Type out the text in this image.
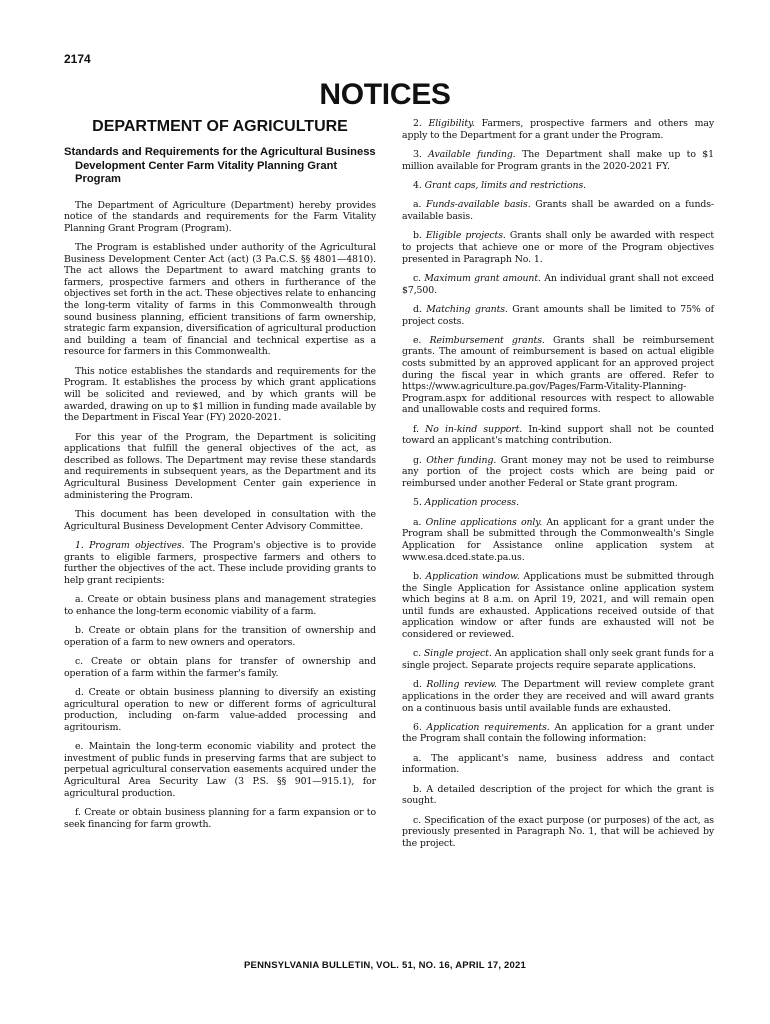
2174
NOTICES
DEPARTMENT OF AGRICULTURE
Standards and Requirements for the Agricultural Business Development Center Farm Vitality Planning Grant Program

The Department of Agriculture (Department) hereby provides notice of the standards and requirements for the Farm Vitality Planning Grant Program (Program).

The Program is established under authority of the Agricultural Business Development Center Act (act) (3 Pa.C.S. §§ 4801—4810). The act allows the Department to award matching grants to farmers, prospective farmers and others in furtherance of the objectives set forth in the act. These objectives relate to enhancing the long-term vitality of farms in this Commonwealth through sound business planning, efficient transitions of farm ownership, strategic farm expansion, diversification of agricultural production and building a team of financial and technical expertise as a resource for farmers in this Commonwealth.

This notice establishes the standards and requirements for the Program. It establishes the process by which grant applications will be solicited and reviewed, and by which grants will be awarded, drawing on up to $1 million in funding made available by the Department in Fiscal Year (FY) 2020-2021.

For this year of the Program, the Department is soliciting applications that fulfill the general objectives of the act, as described as follows. The Department may revise these standards and requirements in subsequent years, as the Department and its Agricultural Business Development Center gain experience in administering the Program.

This document has been developed in consultation with the Agricultural Business Development Center Advisory Committee.

1. Program objectives. The Program's objective is to provide grants to eligible farmers, prospective farmers and others to further the objectives of the act. These include providing grants to help grant recipients:

a. Create or obtain business plans and management strategies to enhance the long-term economic viability of a farm.

b. Create or obtain plans for the transition of ownership and operation of a farm to new owners and operators.

c. Create or obtain plans for transfer of ownership and operation of a farm within the farmer's family.

d. Create or obtain business planning to diversify an existing agricultural operation to new or different forms of agricultural production, including on-farm value-added processing and agritourism.

e. Maintain the long-term economic viability and protect the investment of public funds in preserving farms that are subject to perpetual agricultural conservation easements acquired under the Agricultural Area Security Law (3 P.S. §§ 901—915.1), for agricultural production.

f. Create or obtain business planning for a farm expansion or to seek financing for farm growth.

2. Eligibility. Farmers, prospective farmers and others may apply to the Department for a grant under the Program.

3. Available funding. The Department shall make up to $1 million available for Program grants in the 2020-2021 FY.

4. Grant caps, limits and restrictions.

a. Funds-available basis. Grants shall be awarded on a funds-available basis.

b. Eligible projects. Grants shall only be awarded with respect to projects that achieve one or more of the Program objectives presented in Paragraph No. 1.

c. Maximum grant amount. An individual grant shall not exceed $7,500.

d. Matching grants. Grant amounts shall be limited to 75% of project costs.

e. Reimbursement grants. Grants shall be reimbursement grants. The amount of reimbursement is based on actual eligible costs submitted by an approved applicant for an approved project during the fiscal year in which grants are offered. Refer to https://www.agriculture.pa.gov/Pages/Farm-Vitality-Planning-Program.aspx for additional resources with respect to allowable and unallowable costs and required forms.

f. No in-kind support. In-kind support shall not be counted toward an applicant's matching contribution.

g. Other funding. Grant money may not be used to reimburse any portion of the project costs which are being paid or reimbursed under another Federal or State grant program.

5. Application process.

a. Online applications only. An applicant for a grant under the Program shall be submitted through the Commonwealth's Single Application for Assistance online application system at www.esa.dced.state.pa.us.

b. Application window. Applications must be submitted through the Single Application for Assistance online application system which begins at 8 a.m. on April 19, 2021, and will remain open until funds are exhausted. Applications received outside of that application window or after funds are exhausted will not be considered or reviewed.

c. Single project. An application shall only seek grant funds for a single project. Separate projects require separate applications.

d. Rolling review. The Department will review complete grant applications in the order they are received and will award grants on a continuous basis until available funds are exhausted.

6. Application requirements. An application for a grant under the Program shall contain the following information:

a. The applicant's name, business address and contact information.

b. A detailed description of the project for which the grant is sought.

c. Specification of the exact purpose (or purposes) of the act, as previously presented in Paragraph No. 1, that will be achieved by the project.

PENNSYLVANIA BULLETIN, VOL. 51, NO. 16, APRIL 17, 2021
